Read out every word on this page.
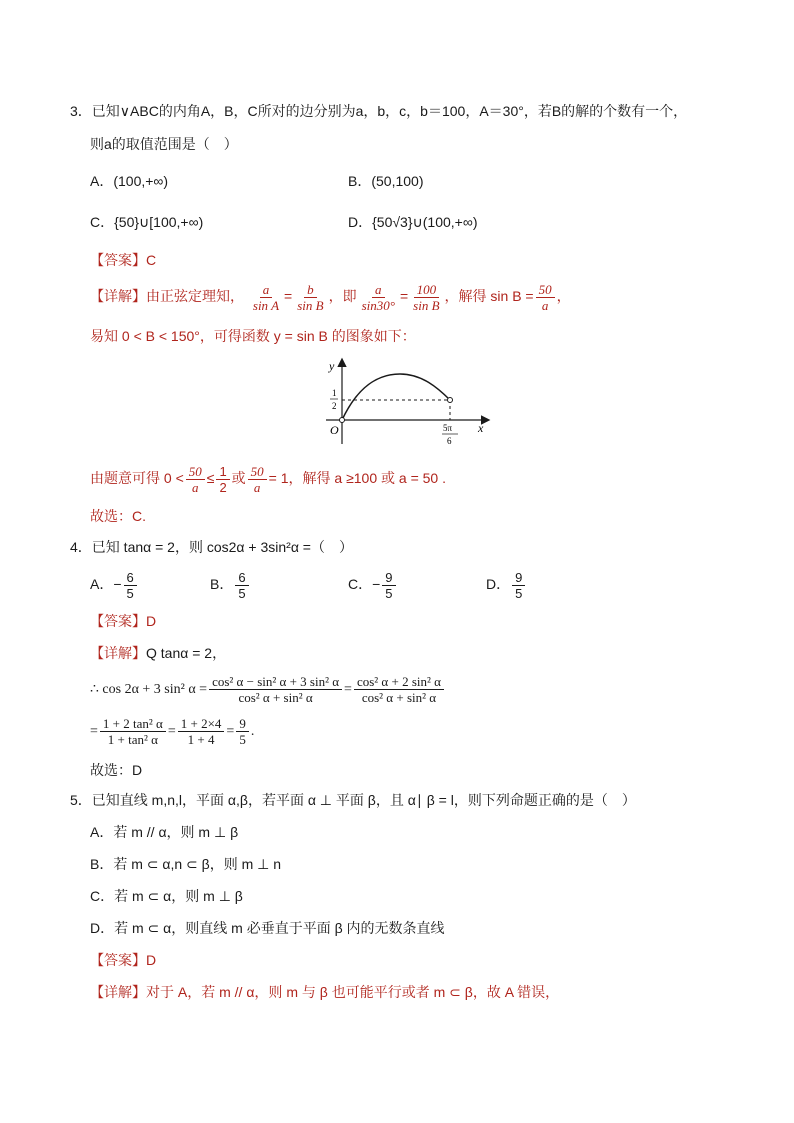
3．已知∨ABC的内角A，B，C所对的边分别为a，b，c，b＝100，A＝30°，若B的解的个数有一个，
则a的取值范围是（　）
A．(100,+∞)	B．(50,100)
C．{50}∪[100,+∞)	D．{50√3}∪(100,+∞)
【答案】C
【详解】由正弦定理知， $\frac{a}{\text{sin A}} = \frac{b}{\text{sin B}}$ ，即 $\frac{a}{\sin 30^\circ} = \frac{100}{\text{sin B}}$ ，解得 $\sin B = \frac{50}{a}$ ，
易知 0 < B < 150°，可得函数 y = sin B 的图象如下：
y
x
O
1
2
5π
6
由题意可得 $0 < \frac{50}{a} \le \frac{1}{2}$ 或 $\frac{50}{a} = 1$，解得 a ≥100 或 a = 50 .
故选：C.
4．已知 tanα = 2，则 cos2α + 3sin²α =（　）
A．− $\frac{6}{5}$	B． $\frac{6}{5}$	C．− $\frac{9}{5}$	D． $\frac{9}{5}$
【答案】D
【详解】Q tanα = 2，
∴ cos 2α + 3 sin² $\alpha = \frac{\text{cos² α − sin² α + 3 sin² α}}{\text{cos² α + sin² α}} = \frac{\text{cos² α + 2 sin² α}}{\text{cos² α + sin² α}}$
= $\frac{\text{1 + 2 tan² α}}{\text{1 + tan² α}} = \frac{1 + 2\times 4}{1 + 4} = \frac{9}{5}$ .
故选：D
5．已知直线 m,n,l，平面 α,β，若平面 α ⊥ 平面 β，且 α∣ β = l，则下列命题正确的是（　）
A．若 m // α，则 m ⊥ β
B．若 m ⊂ α,n ⊂ β，则 m ⊥ n
C．若 m ⊂ α，则 m ⊥ β
D．若 m ⊂ α，则直线 m 必垂直于平面 β 内的无数条直线
【答案】D
【详解】对于 A，若 m // α，则 m 与 β 也可能平行或者 m ⊂ β，故 A 错误，
